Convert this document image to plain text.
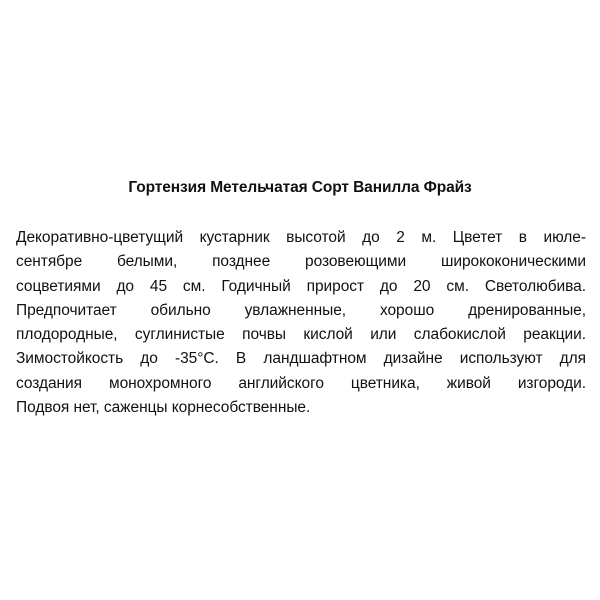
Гортензия Метельчатая Сорт Ванилла Фрайз
Декоративно-цветущий кустарник высотой до 2 м. Цветет в июле-
сентябре белыми, позднее розовеющими ширококоническими
соцветиями до 45 см. Годичный прирост до 20 см. Светолюбива.
Предпочитает обильно увлажненные, хорошо дренированные,
плодородные, суглинистые почвы кислой или слабокислой реакции.
Зимостойкость до -35°С. В ландшафтном дизайне используют для
создания монохромного английского цветника, живой изгороди.
Подвоя нет, саженцы корнесобственные.
